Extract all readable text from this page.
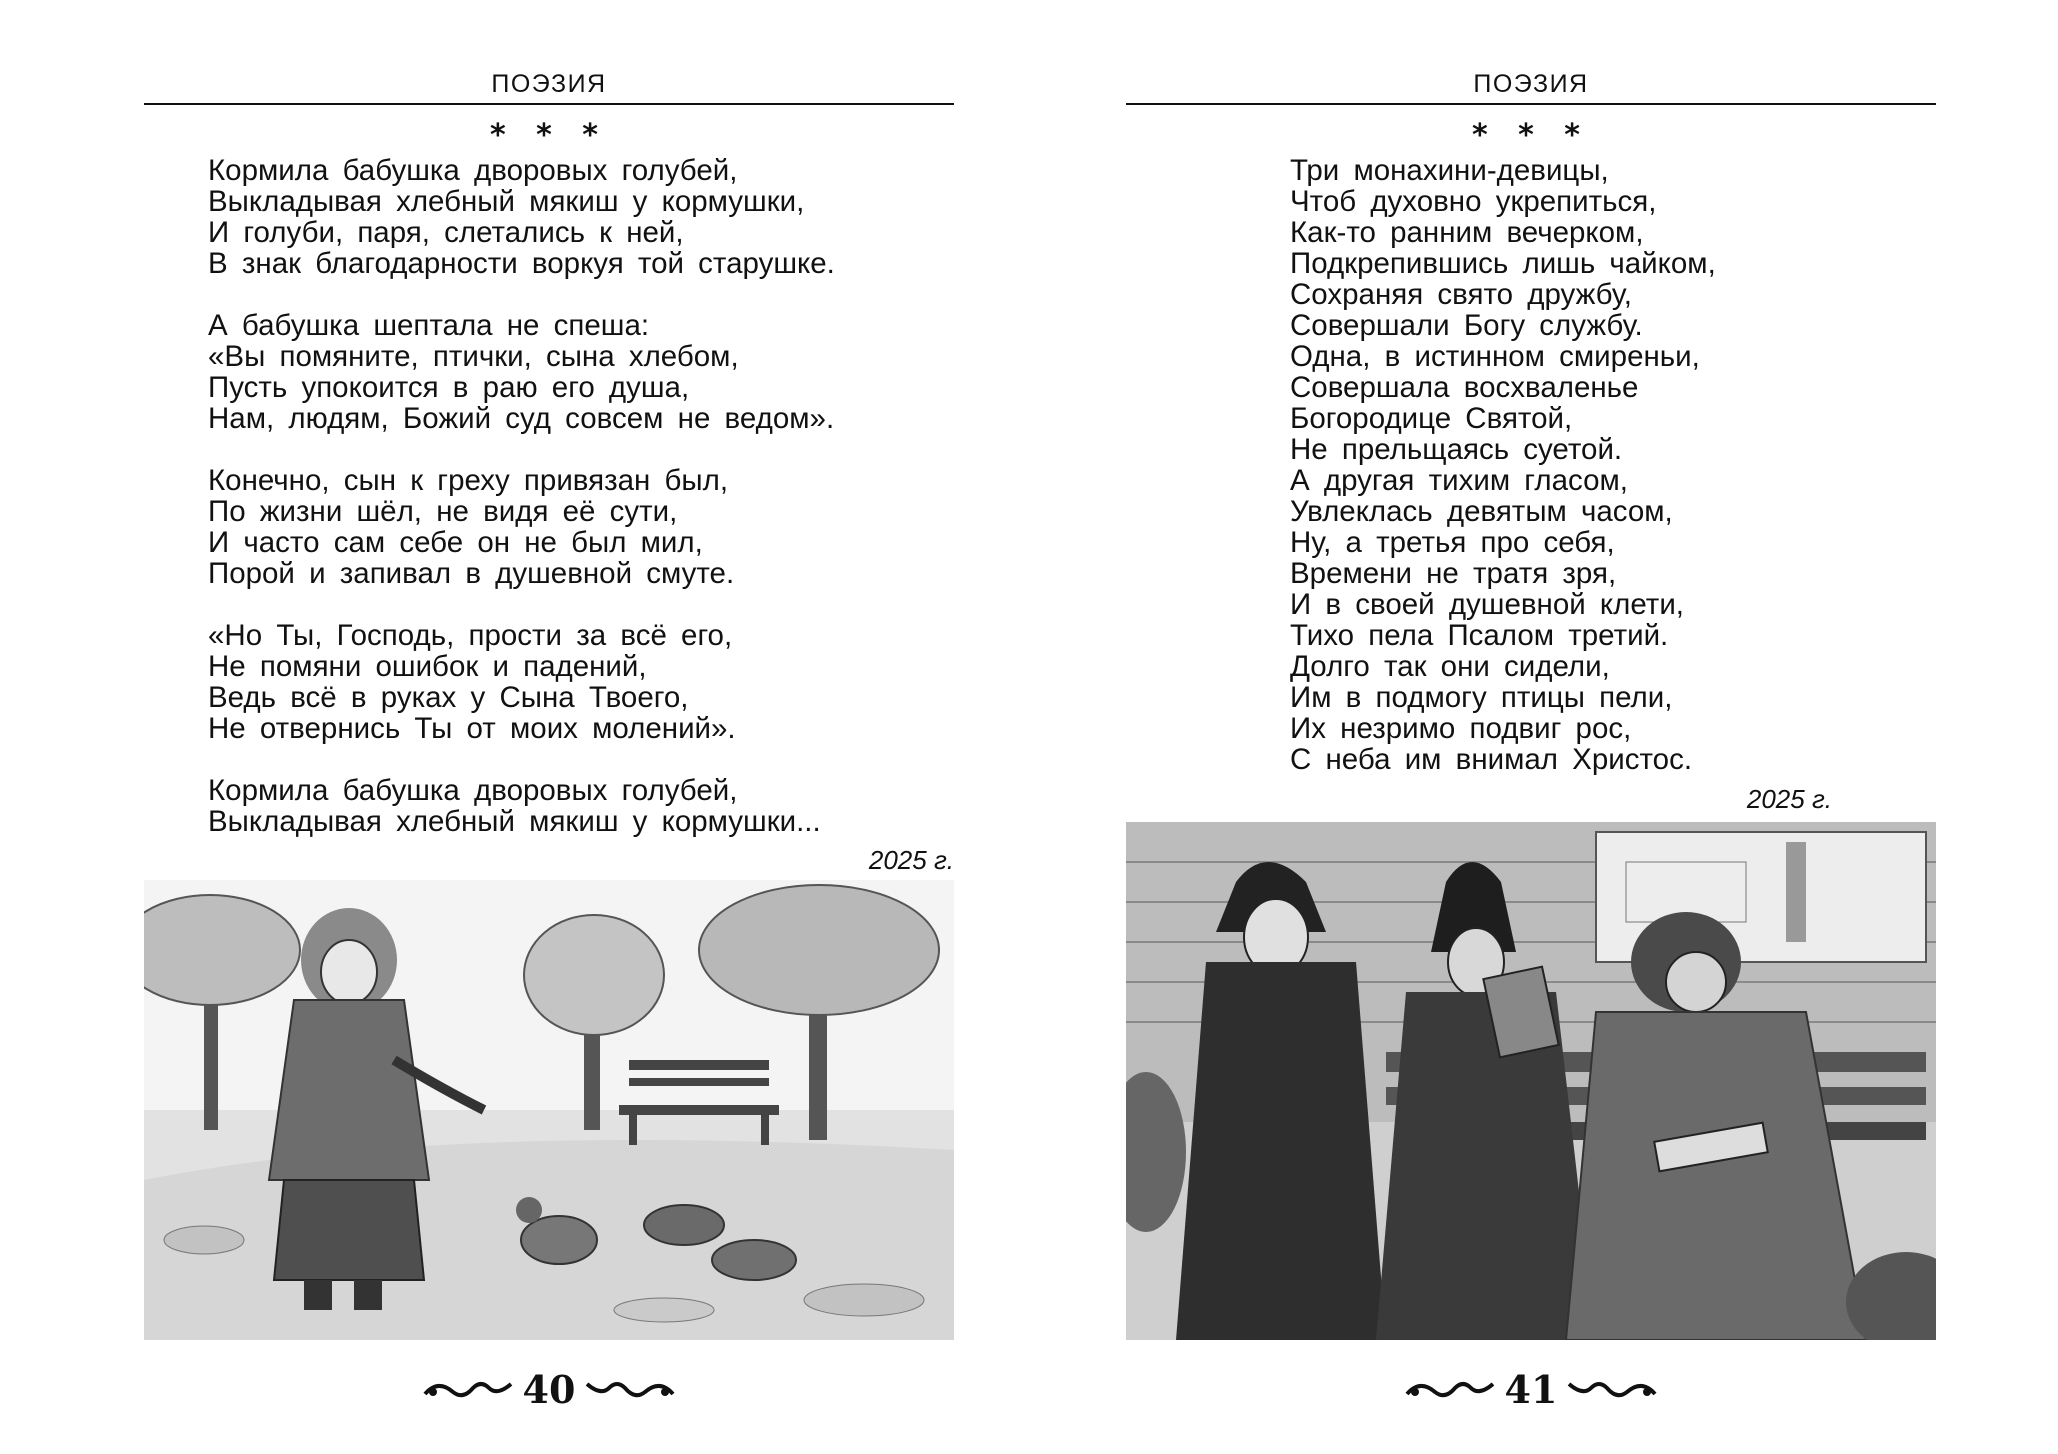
ПОЭЗИЯ
* * *
Кормила бабушка дворовых голубей,
Выкладывая хлебный мякиш у кормушки,
И голуби, паря, слетались к ней,
В знак благодарности воркуя той старушке.
А бабушка шептала не спеша:
«Вы помяните, птички, сына хлебом,
Пусть упокоится в раю его душа,
Нам, людям, Божий суд совсем не ведом».
Конечно, сын к греху привязан был,
По жизни шёл, не видя её сути,
И часто сам себе он не был мил,
Порой и запивал в душевной смуте.
«Но Ты, Господь, прости за всё его,
Не помяни ошибок и падений,
Ведь всё в руках у Сына Твоего,
Не отвернись Ты от моих молений».
Кормила бабушка дворовых голубей,
Выкладывая хлебный мякиш у кормушки...
2025 г.
40
ПОЭЗИЯ
* * *
Три монахини-девицы,
Чтоб духовно укрепиться,
Как-то ранним вечерком,
Подкрепившись лишь чайком,
Сохраняя свято дружбу,
Совершали Богу службу.
Одна, в истинном смиреньи,
Совершала восхваленье
Богородице Святой,
Не прельщаясь суетой.
А другая тихим гласом,
Увлеклась девятым часом,
Ну, а третья про себя,
Времени не тратя зря,
И в своей душевной клети,
Тихо пела Псалом третий.
Долго так они сидели,
Им в подмогу птицы пели,
Их незримо подвиг рос,
С неба им внимал Христос.
2025 г.
41
